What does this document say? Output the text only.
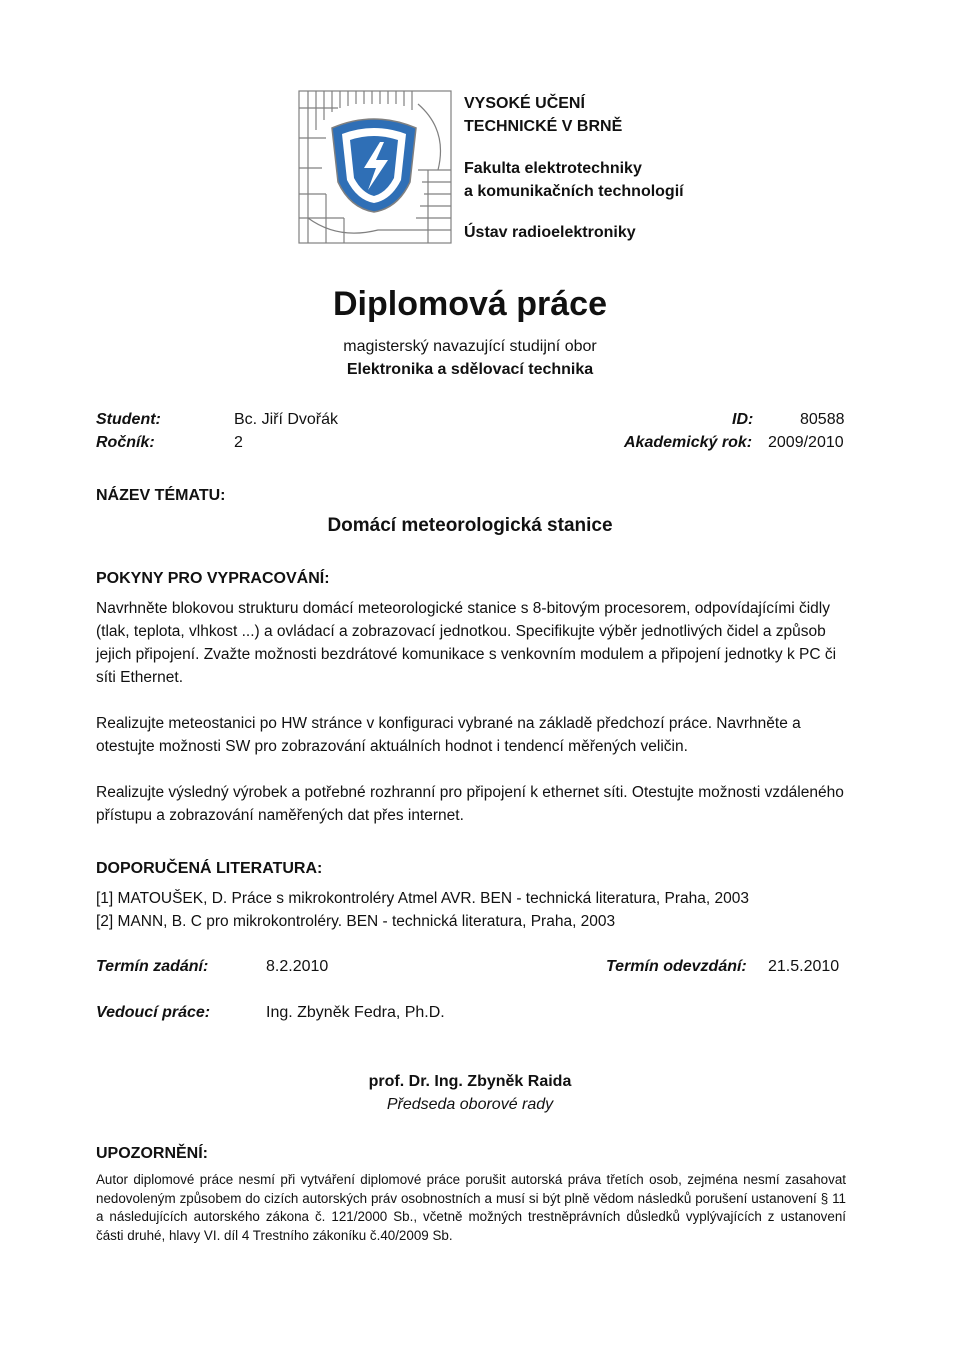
VYSOKÉ UČENÍ
TECHNICKÉ V BRNĚ
Fakulta elektrotechniky
a komunikačních technologií
Ústav radioelektroniky
Diplomová práce
magisterský navazující studijní obor
Elektronika a sdělovací technika
Student:	Bc. Jiří Dvořák	ID:	80588
Ročník:	2	Akademický rok: 2009/2010
NÁZEV TÉMATU:
Domácí meteorologická stanice
POKYNY PRO VYPRACOVÁNÍ:
Navrhněte blokovou strukturu domácí meteorologické stanice s 8-bitovým procesorem, odpovídajícími čidly (tlak, teplota, vlhkost ...) a ovládací a zobrazovací jednotkou. Specifikujte výběr jednotlivých čidel a způsob jejich připojení. Zvažte možnosti bezdrátové komunikace s venkovním modulem a připojení jednotky k PC či síti Ethernet.
Realizujte meteostanici po HW stránce v konfiguraci vybrané na základě předchozí práce. Navrhněte a otestujte možnosti SW pro zobrazování aktuálních hodnot i tendencí měřených veličin.
Realizujte výsledný výrobek a potřebné rozhranní pro připojení k ethernet síti. Otestujte možnosti vzdáleného přístupu a zobrazování naměřených dat přes internet.
DOPORUČENÁ LITERATURA:
[1] MATOUŠEK, D. Práce s mikrokontroléry Atmel AVR. BEN - technická literatura, Praha, 2003
[2] MANN, B. C pro mikrokontroléry. BEN - technická literatura, Praha, 2003
Termín zadání:	8.2.2010	Termín odevzdání: 21.5.2010
Vedoucí práce:	Ing. Zbyněk Fedra, Ph.D.
prof. Dr. Ing. Zbyněk Raida
Předseda oborové rady
UPOZORNĚNÍ:
Autor diplomové práce nesmí při vytváření diplomové práce porušit autorská práva třetích osob, zejména nesmí zasahovat nedovoleným způsobem do cizích autorských práv osobnostních a musí si být plně vědom následků porušení ustanovení § 11 a následujících autorského zákona č. 121/2000 Sb., včetně možných trestněprávních důsledků vyplývajících z ustanovení části druhé, hlavy VI. díl 4 Trestního zákoníku č.40/2009 Sb.
